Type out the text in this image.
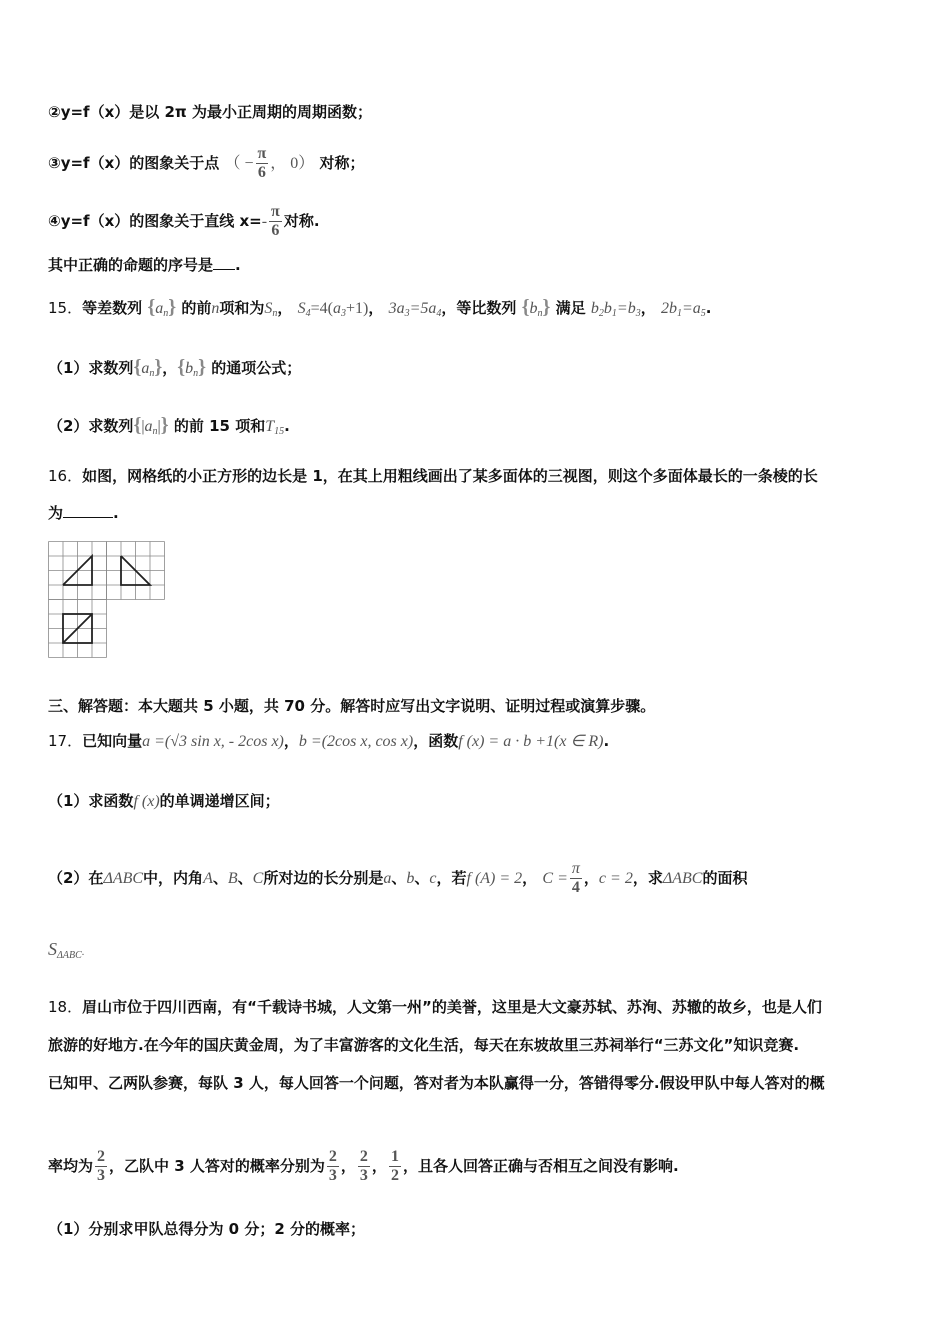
②y=f（x）是以 2π 为最小正周期的周期函数；
③y=f（x）的图象关于点 （ − $\frac{\pi}{6}$ ， 0） 对称；
④y=f（x）的图象关于直线 $x=- \frac{\pi}{6}$ 对称.
其中正确的命题的序号是 .
15．等差数列 $\{a_n\}$ 的前n项和为$S_n$， $S_4=4(a_3+1)$， $3a_3=5a_4$，等比数列 $\{b_n\}$ 满足 $b_2b_1=b_3$， $2b_1=a_5$.
（1）求数列$\{a_n\}$，$\{b_n\}$ 的通项公式；
（2）求数列$\{|a_n|\}$ 的前 15 项和$T_{15}$.
16．如图，网格纸的小正方形的边长是 1，在其上用粗线画出了某多面体的三视图，则这个多面体最长的一条棱的长
为	.
三、解答题：本大题共 5 小题，共 70 分。解答时应写出文字说明、证明过程或演算步骤。
17．已知向量a =(√3 sin x, - 2cos x)，b =(2cos x, cos x)，函数f (x) = a · b +1(x ∈ R).
（1）求函数f (x)的单调递增区间；
（2）在ΔABC中，内角A、B、C所对边的长分别是a、b、c，若f (A) = 2， $C = \frac{\pi}{4}$ ，c = 2，求ΔABC的面积
$S_{\Delta ABC}$.
18．眉山市位于四川西南，有“千载诗书城，人文第一州”的美誉，这里是大文豪苏轼、苏洵、苏辙的故乡，也是人们
旅游的好地方.在今年的国庆黄金周，为了丰富游客的文化生活，每天在东坡故里三苏祠举行“三苏文化”知识竞赛.
已知甲、乙两队参赛，每队 3 人，每人回答一个问题，答对者为本队赢得一分，答错得零分.假设甲队中每人答对的概
率均为 $\frac{2}{3}$ ，乙队中 3 人答对的概率分别为 $\frac{2}{3}$ ， $\frac{2}{3}$ ， $\frac{1}{2}$ ，且各人回答正确与否相互之间没有影响.
（1）分别求甲队总得分为 0 分；2 分的概率；
